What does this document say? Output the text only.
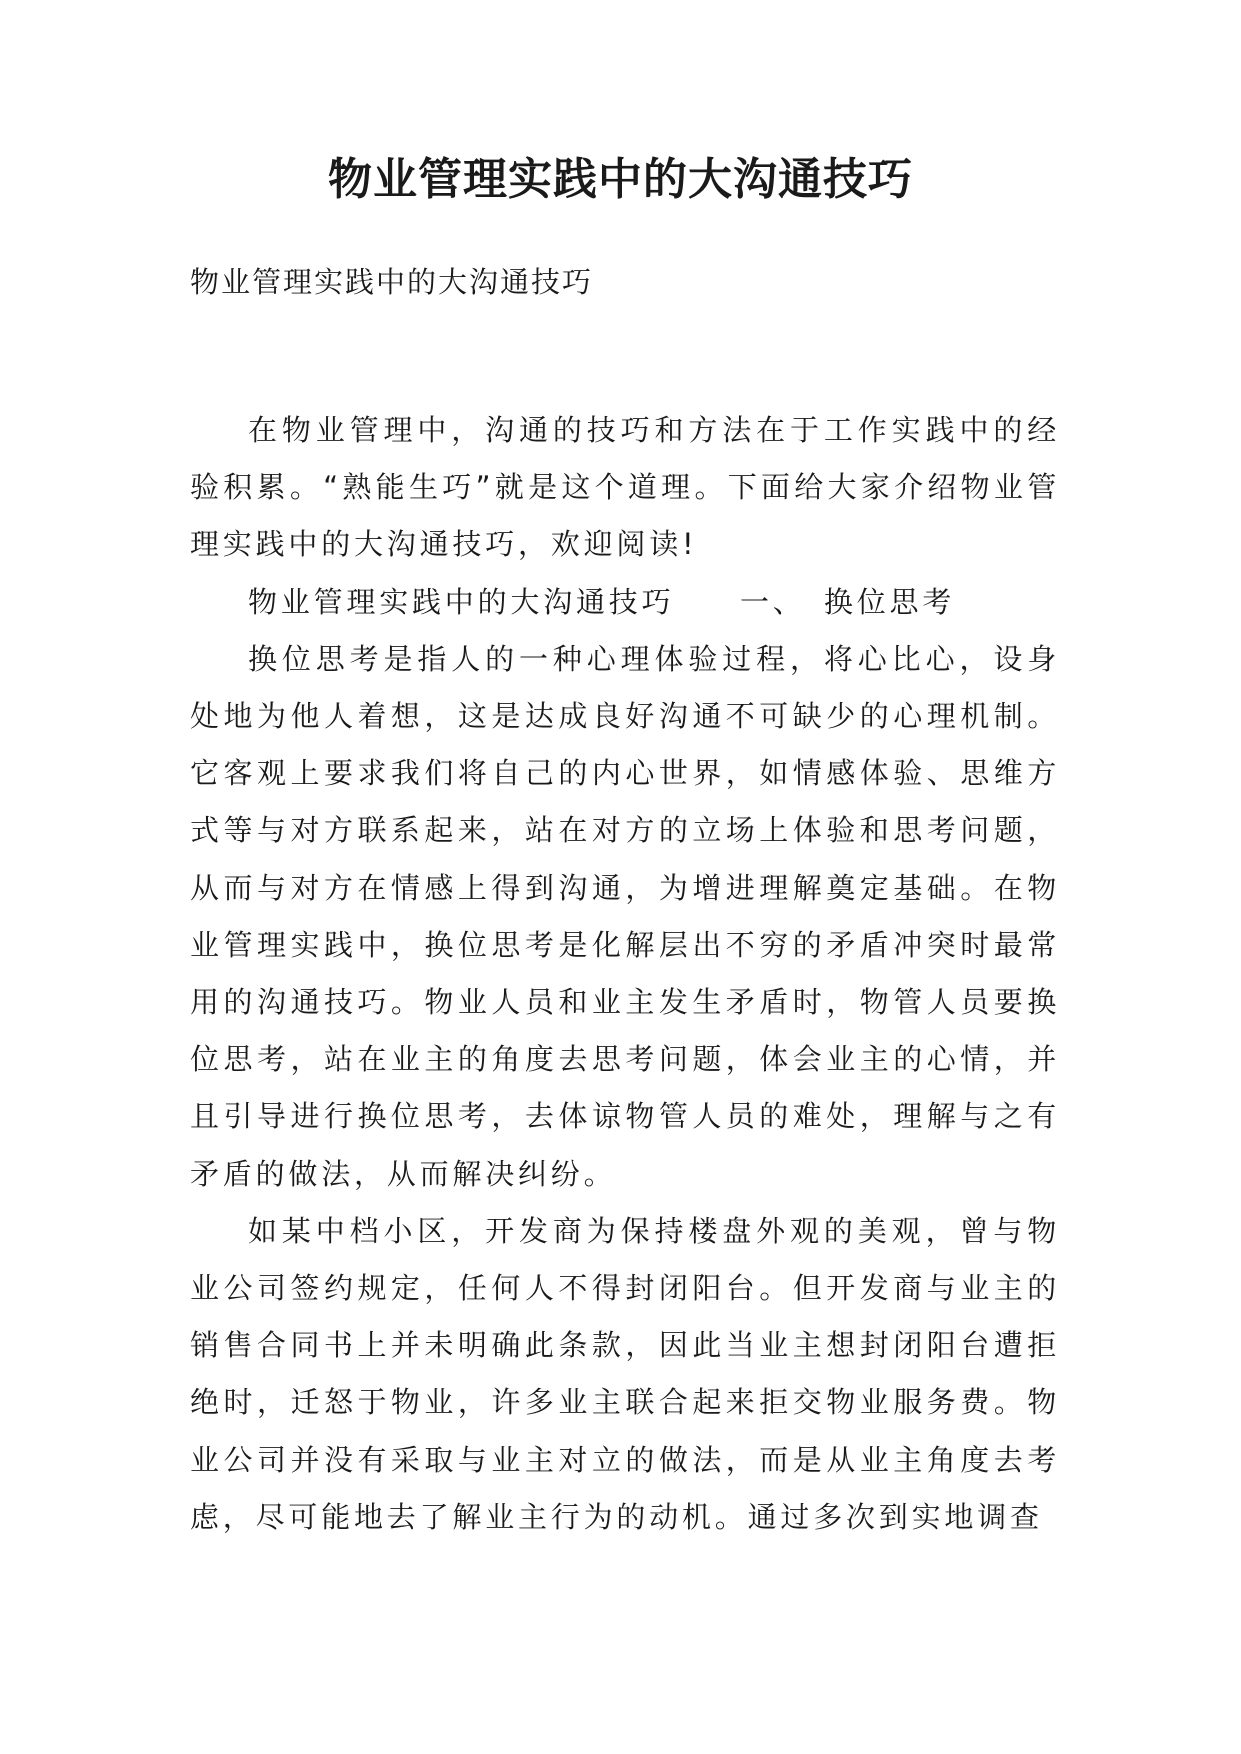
物业管理实践中的大沟通技巧

物业管理实践中的大沟通技巧

在物业管理中，沟通的技巧和方法在于工作实践中的经验积累。“熟能生巧”就是这个道理。下面给大家介绍物业管理实践中的大沟通技巧，欢迎阅读!

物业管理实践中的大沟通技巧　　一、　换位思考

换位思考是指人的一种心理体验过程，将心比心，设身处地为他人着想，这是达成良好沟通不可缺少的心理机制。它客观上要求我们将自己的内心世界，如情感体验、思维方式等与对方联系起来，站在对方的立场上体验和思考问题，从而与对方在情感上得到沟通，为增进理解奠定基础。在物业管理实践中，换位思考是化解层出不穷的矛盾冲突时最常用的沟通技巧。物业人员和业主发生矛盾时，物管人员要换位思考，站在业主的角度去思考问题，体会业主的心情，并且引导进行换位思考，去体谅物管人员的难处，理解与之有矛盾的做法，从而解决纠纷。

如某中档小区，开发商为保持楼盘外观的美观，曾与物业公司签约规定，任何人不得封闭阳台。但开发商与业主的销售合同书上并未明确此条款，因此当业主想封闭阳台遭拒绝时，迁怒于物业，许多业主联合起来拒交物业服务费。物业公司并没有采取与业主对立的做法，而是从业主角度去考虑，尽可能地去了解业主行为的动机。通过多次到实地调查
